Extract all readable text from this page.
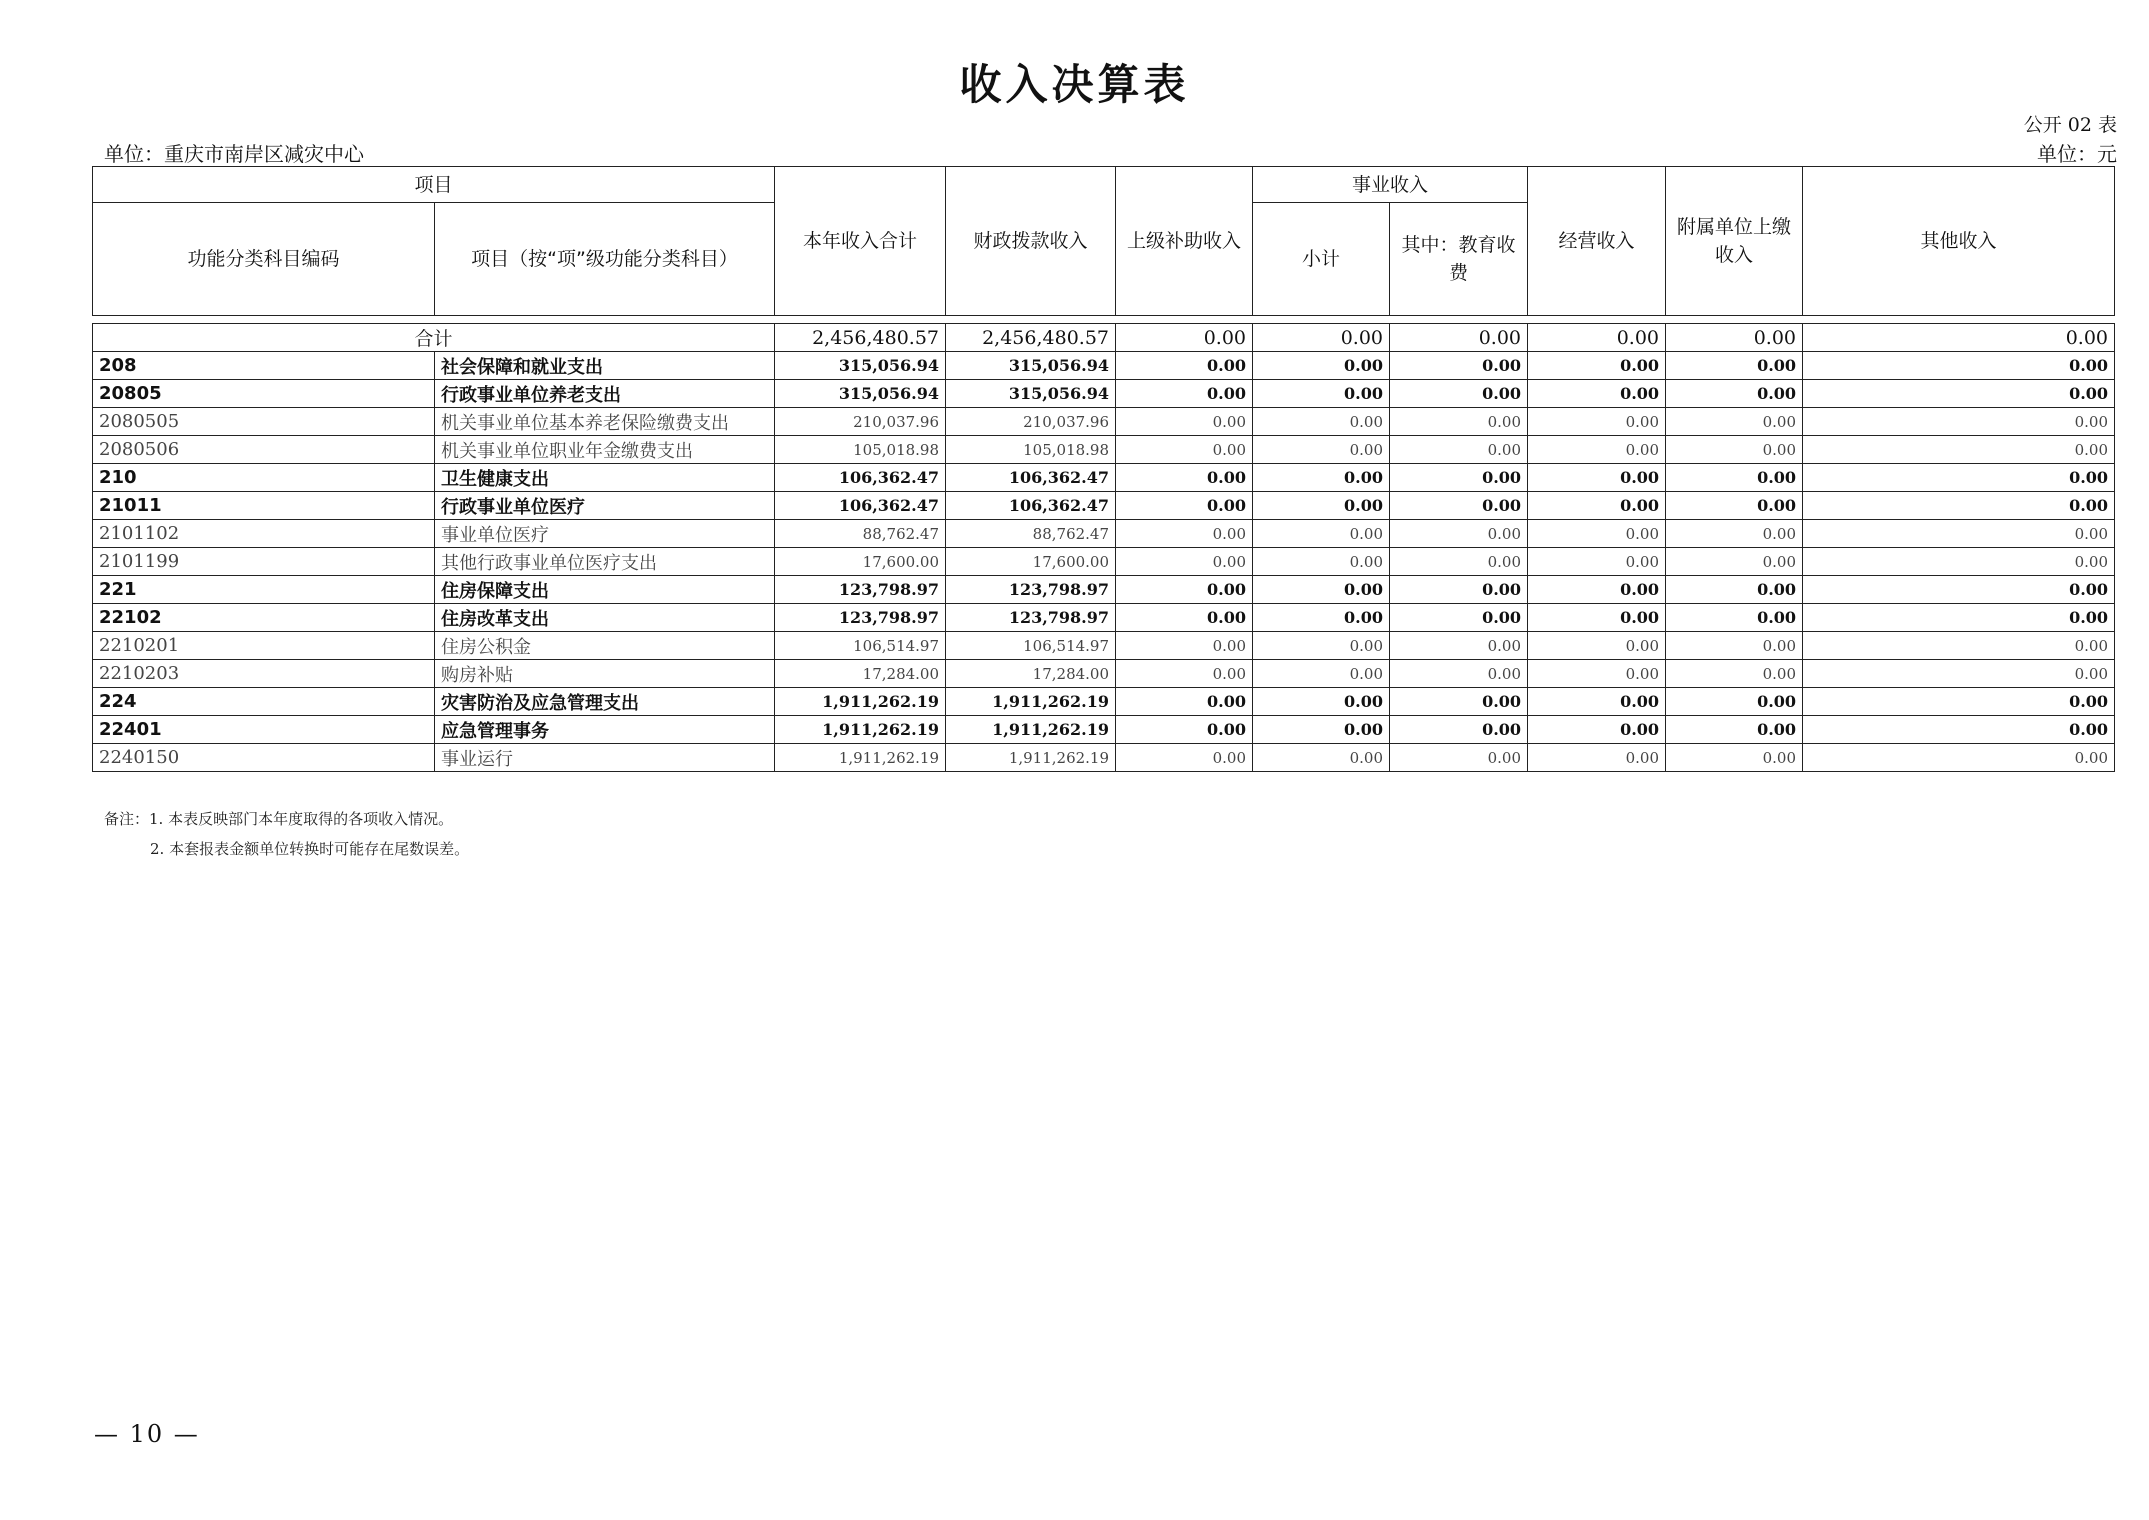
收入决算表
公开 02 表
单位：重庆市南岸区减灾中心	单位：元
项目		本年收入合计	财政拨款收入	上级补助收入	事业收入		经营收入	附属单位上缴收入	其他收入
功能分类科目编码	项目（按“项”级功能分类科目）				小计	其中：教育收费			

合计		2,456,480.57	2,456,480.57	0.00	0.00	0.00	0.00	0.00	0.00
208	社会保障和就业支出	315,056.94	315,056.94	0.00	0.00	0.00	0.00	0.00	0.00
20805	行政事业单位养老支出	315,056.94	315,056.94	0.00	0.00	0.00	0.00	0.00	0.00
2080505	机关事业单位基本养老保险缴费支出	210,037.96	210,037.96	0.00	0.00	0.00	0.00	0.00	0.00
2080506	机关事业单位职业年金缴费支出	105,018.98	105,018.98	0.00	0.00	0.00	0.00	0.00	0.00
210	卫生健康支出	106,362.47	106,362.47	0.00	0.00	0.00	0.00	0.00	0.00
21011	行政事业单位医疗	106,362.47	106,362.47	0.00	0.00	0.00	0.00	0.00	0.00
2101102	事业单位医疗	88,762.47	88,762.47	0.00	0.00	0.00	0.00	0.00	0.00
2101199	其他行政事业单位医疗支出	17,600.00	17,600.00	0.00	0.00	0.00	0.00	0.00	0.00
221	住房保障支出	123,798.97	123,798.97	0.00	0.00	0.00	0.00	0.00	0.00
22102	住房改革支出	123,798.97	123,798.97	0.00	0.00	0.00	0.00	0.00	0.00
2210201	住房公积金	106,514.97	106,514.97	0.00	0.00	0.00	0.00	0.00	0.00
2210203	购房补贴	17,284.00	17,284.00	0.00	0.00	0.00	0.00	0.00	0.00
224	灾害防治及应急管理支出	1,911,262.19	1,911,262.19	0.00	0.00	0.00	0.00	0.00	0.00
22401	应急管理事务	1,911,262.19	1,911,262.19	0.00	0.00	0.00	0.00	0.00	0.00
2240150	事业运行	1,911,262.19	1,911,262.19	0.00	0.00	0.00	0.00	0.00	0.00
备注：1. 本表反映部门本年度取得的各项收入情况。
2. 本套报表金额单位转换时可能存在尾数误差。
— 10 —
